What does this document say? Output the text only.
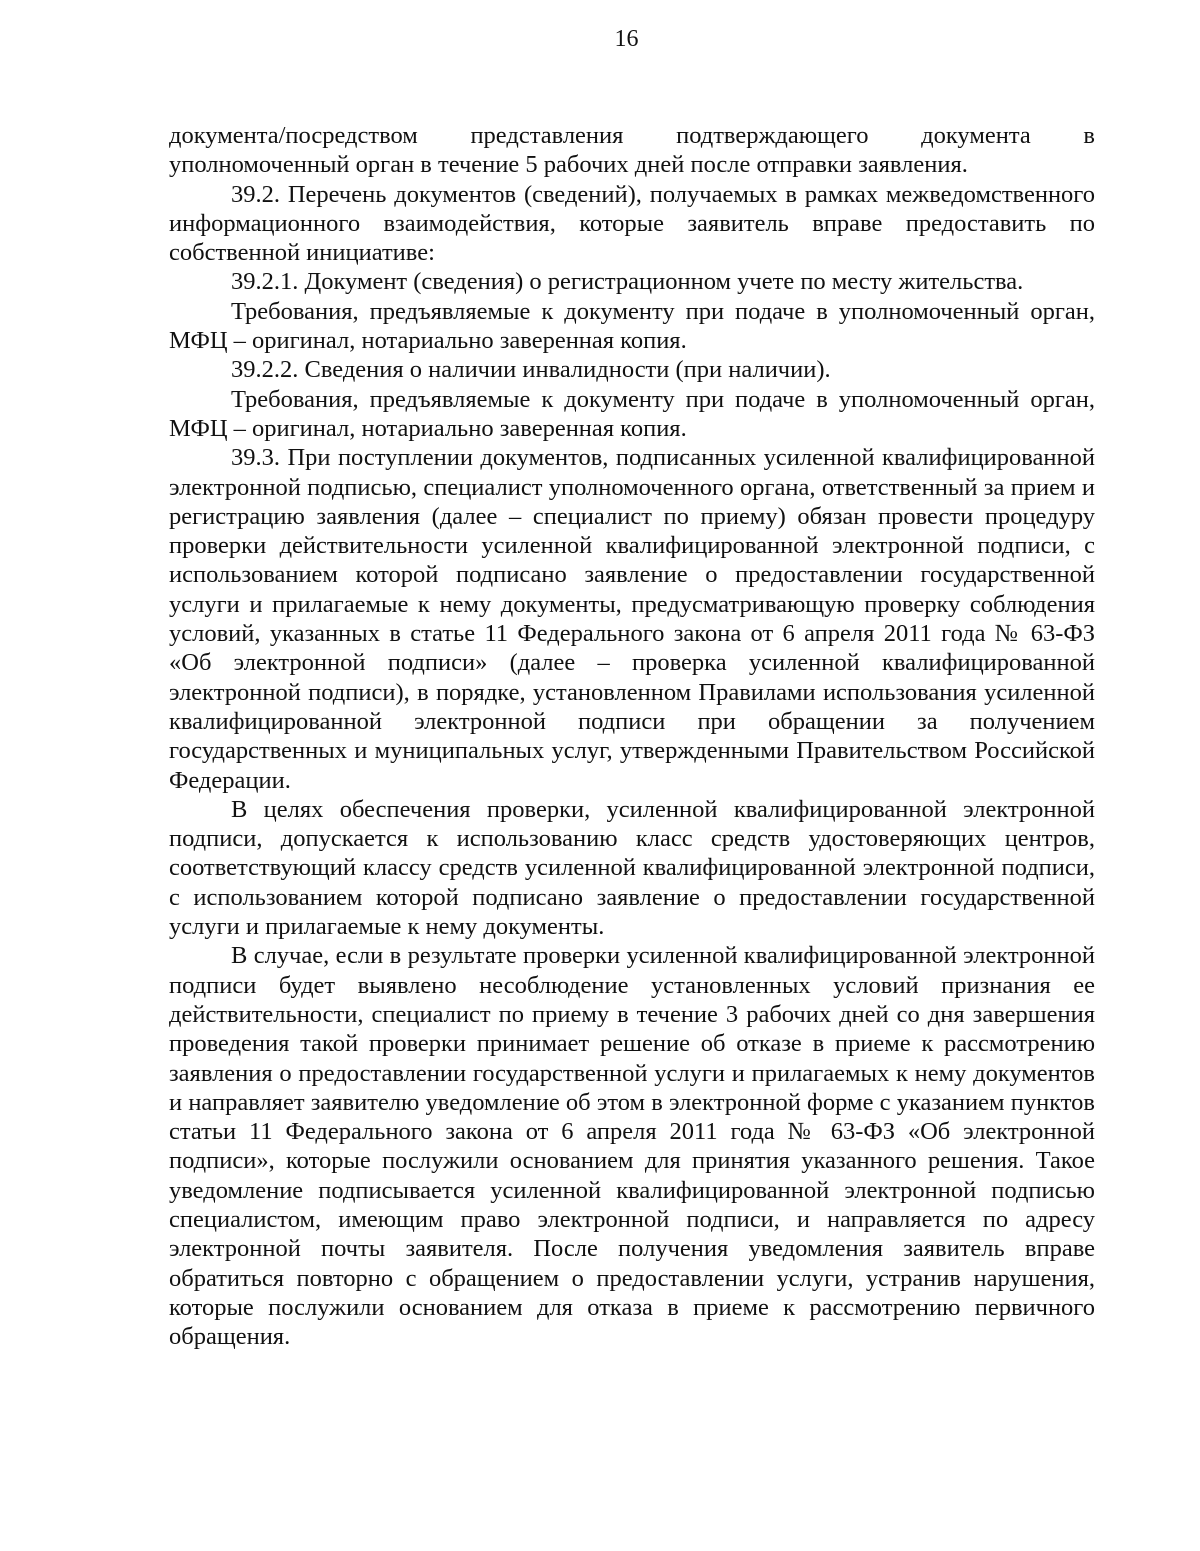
16

документа/посредством представления подтверждающего документа в уполномоченный орган в течение 5 рабочих дней после отправки заявления.

39.2. Перечень документов (сведений), получаемых в рамках межведомственного информационного взаимодействия, которые заявитель вправе предоставить по собственной инициативе:

39.2.1. Документ (сведения) о регистрационном учете по месту жительства.

Требования, предъявляемые к документу при подаче в уполномоченный орган, МФЦ – оригинал, нотариально заверенная копия.

39.2.2. Сведения о наличии инвалидности (при наличии).

Требования, предъявляемые к документу при подаче в уполномоченный орган, МФЦ – оригинал, нотариально заверенная копия.

39.3. При поступлении документов, подписанных усиленной квалифицированной электронной подписью, специалист уполномоченного органа, ответственный за прием и регистрацию заявления (далее – специалист по приему) обязан провести процедуру проверки действительности усиленной квалифицированной электронной подписи, с использованием которой подписано заявление о предоставлении государственной услуги и прилагаемые к нему документы, предусматривающую проверку соблюдения условий, указанных в статье 11 Федерального закона от 6 апреля 2011 года № 63-ФЗ «Об электронной подписи» (далее – проверка усиленной квалифицированной электронной подписи), в порядке, установленном Правилами использования усиленной квалифицированной электронной подписи при обращении за получением государственных и муниципальных услуг, утвержденными Правительством Российской Федерации.

В целях обеспечения проверки, усиленной квалифицированной электронной подписи, допускается к использованию класс средств удостоверяющих центров, соответствующий классу средств усиленной квалифицированной электронной подписи, с использованием которой подписано заявление о предоставлении государственной услуги и прилагаемые к нему документы.

В случае, если в результате проверки усиленной квалифицированной электронной подписи будет выявлено несоблюдение установленных условий признания ее действительности, специалист по приему в течение 3 рабочих дней со дня завершения проведения такой проверки принимает решение об отказе в приеме к рассмотрению заявления о предоставлении государственной услуги и прилагаемых к нему документов и направляет заявителю уведомление об этом в электронной форме с указанием пунктов статьи 11 Федерального закона от 6 апреля 2011 года № 63-ФЗ «Об электронной подписи», которые послужили основанием для принятия указанного решения. Такое уведомление подписывается усиленной квалифицированной электронной подписью специалистом, имеющим право электронной подписи, и направляется по адресу электронной почты заявителя. После получения уведомления заявитель вправе обратиться повторно с обращением о предоставлении услуги, устранив нарушения, которые послужили основанием для отказа в приеме к рассмотрению первичного обращения.
